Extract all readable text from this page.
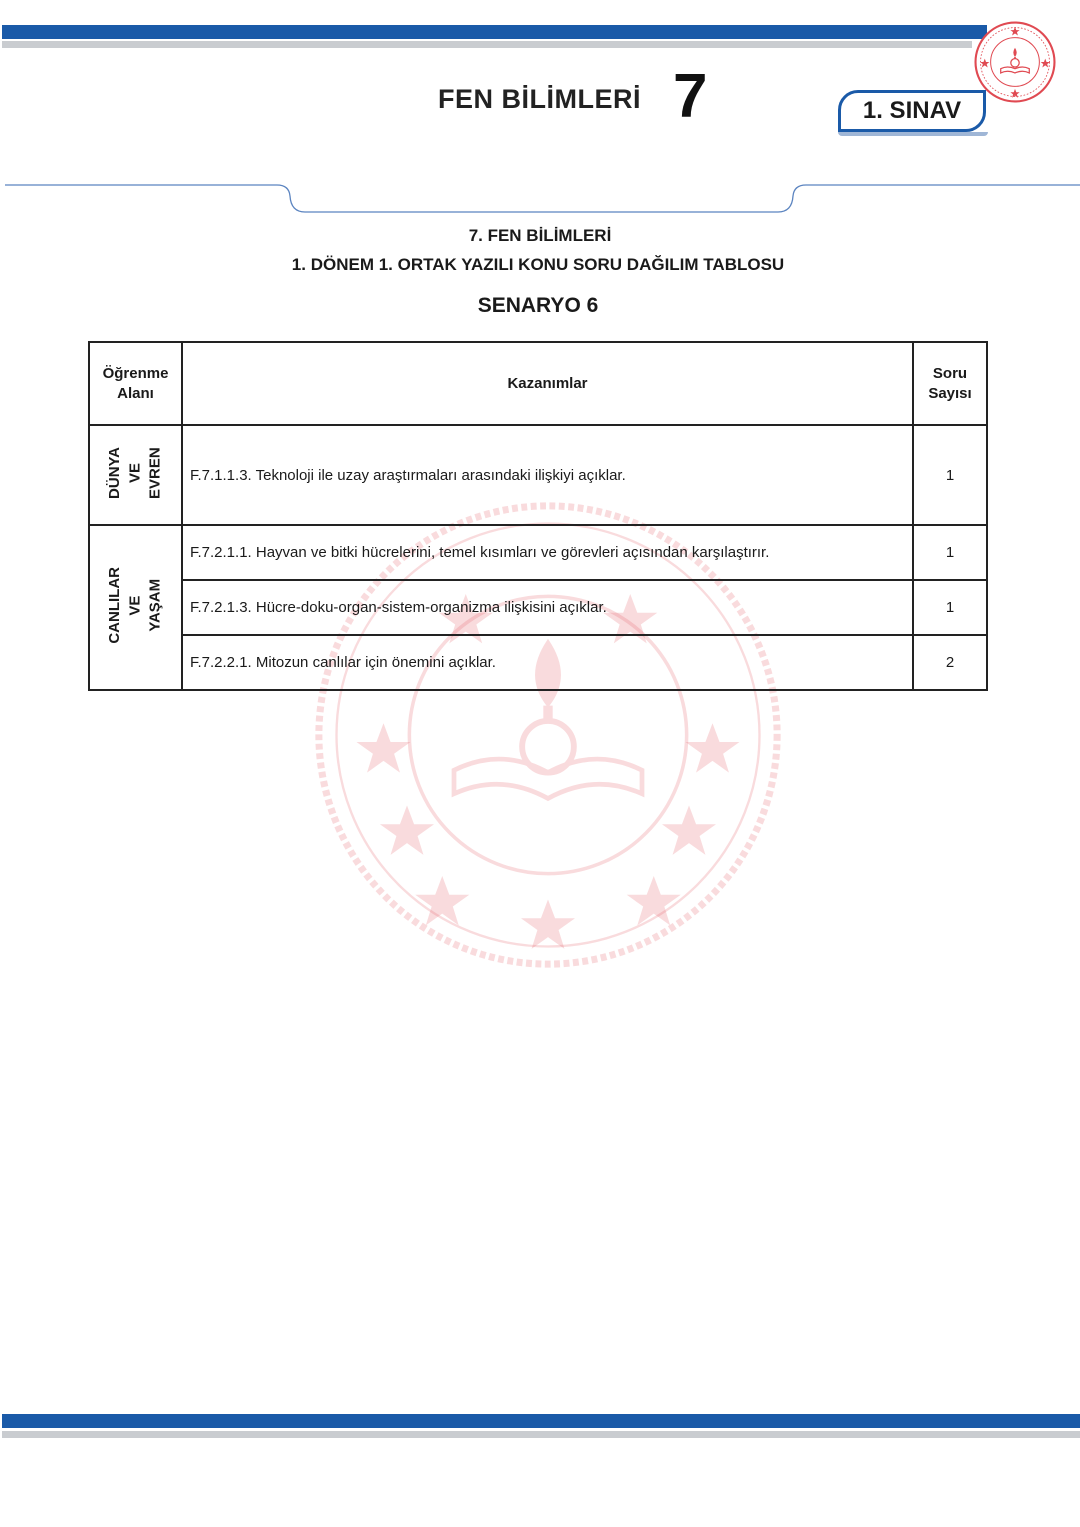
FEN BİLİMLERİ 7	1. SINAV
7. FEN BİLİMLERİ
1. DÖNEM 1. ORTAK YAZILI KONU SORU DAĞILIM TABLOSU
SENARYO 6
Öğrenme
Alanı	Kazanımlar	Soru
Sayısı
DÜNYA
VE
EVREN	F.7.1.1.3. Teknoloji ile uzay araştırmaları arasındaki ilişkiyi açıklar.	1
CANLILAR
VE
YAŞAM	F.7.2.1.1. Hayvan ve bitki hücrelerini, temel kısımları ve görevleri açısından karşılaştırır.	1
	F.7.2.1.3. Hücre-doku-organ-sistem-organizma ilişkisini açıklar.	1
	F.7.2.2.1. Mitozun canlılar için önemini açıklar.	2
